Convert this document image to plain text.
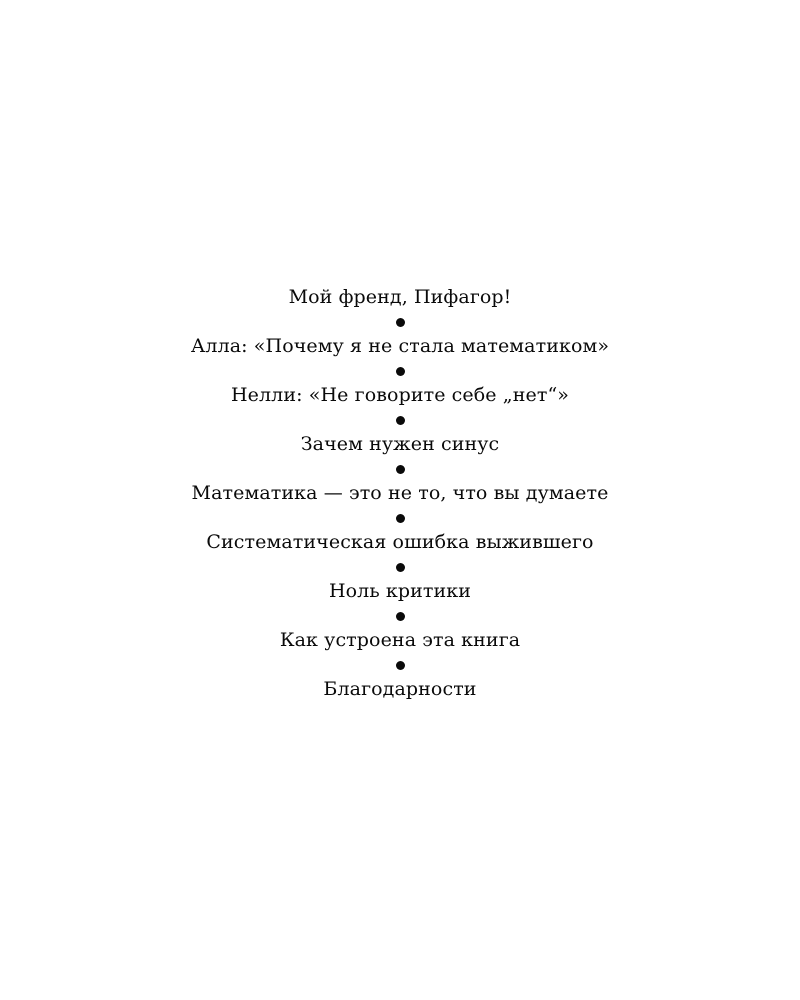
Мой френд, Пифагор!
Алла: «Почему я не стала математиком»
Нелли: «Не говорите себе „нет“»
Зачем нужен синус
Математика — это не то, что вы думаете
Систематическая ошибка выжившего
Ноль критики
Как устроена эта книга
Благодарности
